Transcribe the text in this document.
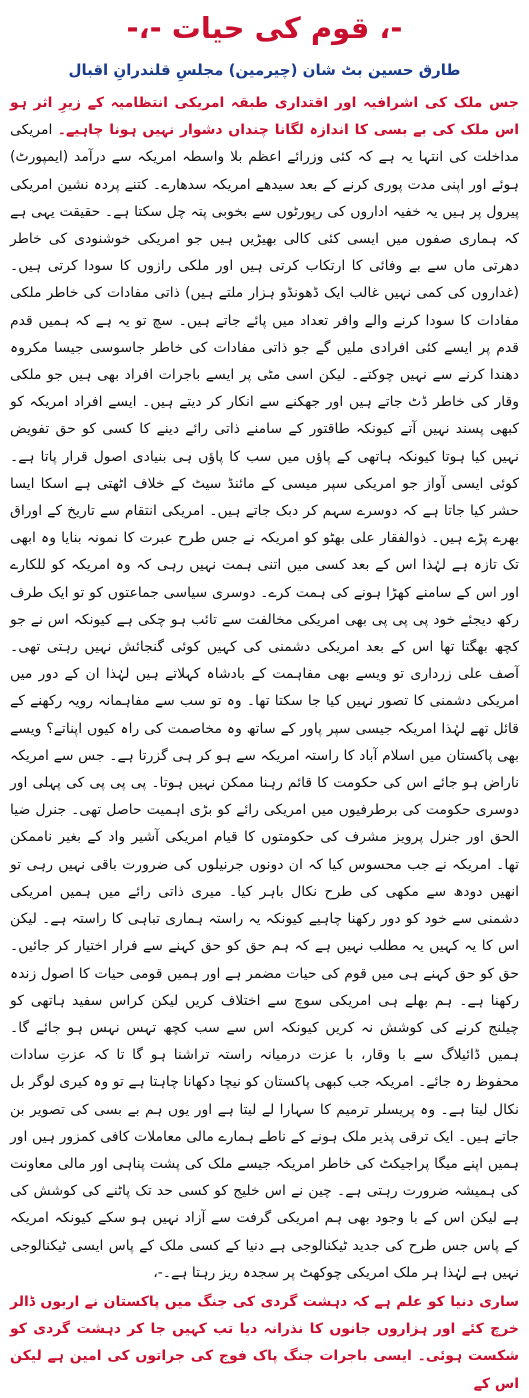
-، قوم کی حیات -،-
طارق حسین بٹ شان (چیرمین) مجلسِ قلندرانِ اقبال

جس ملک کی اشرافیہ اور اقتداری طبقہ امریکی انتظامیہ کے زیرِ اثر ہو اس ملک کی بے بسی کا اندازہ لگانا چنداں دشوار نہیں ہونا چاہیے۔ امریکی مداخلت کی انتہا یہ ہے کہ کئی وزرائے اعظم بلا واسطہ امریکہ سے درآمد (ایمپورٹ) ہوئے اور اپنی مدت پوری کرنے کے بعد سیدھے امریکہ سدھارے۔ کتنے پردہ نشین امریکی پیرول پر ہیں یہ خفیہ اداروں کی رپورٹوں سے بخوبی پتہ چل سکتا ہے۔ حقیقت یہی ہے کہ ہماری صفوں میں ایسی کئی کالی بھیڑیں ہیں جو امریکی خوشنودی کی خاطر دھرتی ماں سے بے وفائی کا ارتکاب کرتی ہیں اور ملکی رازوں کا سودا کرتی ہیں۔ (غداروں کی کمی نہیں غالب ایک ڈھونڈو ہزار ملتے ہیں) ذاتی مفادات کی خاطر ملکی مفادات کا سودا کرنے والے وافر تعداد میں پائے جاتے ہیں۔ سچ تو یہ ہے کہ ہمیں قدم قدم پر ایسے کئی افرادی ملیں گے جو ذاتی مفادات کی خاطر جاسوسی جیسا مکروہ دھندا کرنے سے نہیں چوکتے۔ لیکن اسی مٹی پر ایسے باجرات افراد بھی ہیں جو ملکی وقار کی خاطر ڈٹ جاتے ہیں اور جھکنے سے انکار کر دیتے ہیں۔ ایسے افراد امریکہ کو کبھی پسند نہیں آتے کیونکہ طاقتور کے سامنے ذاتی رائے دینے کا کسی کو حق تفویض نہیں کیا ہوتا کیونکہ ہاتھی کے پاؤں میں سب کا پاؤں ہی بنیادی اصول قرار پاتا ہے۔ کوئی ایسی آواز جو امریکی سپر میسی کے مائنڈ سیٹ کے خلاف اٹھتی ہے اسکا ایسا حشر کیا جاتا ہے کہ دوسرے سہم کر دبک جاتے ہیں۔ امریکی انتقام سے تاریخ کے اوراق بھرے پڑے ہیں۔ ذوالفقار علی بھٹو کو امریکہ نے جس طرح عبرت کا نمونہ بنایا وہ ابھی تک تازہ ہے لہٰذا اس کے بعد کسی میں اتنی ہمت نہیں رہی کہ وہ امریکہ کو للکارے اور اس کے سامنے کھڑا ہونے کی ہمت کرے۔ دوسری سیاسی جماعتوں کو تو ایک طرف رکھ دیجئے خود پی پی پی بھی امریکی مخالفت سے تائب ہو چکی ہے کیونکہ اس نے جو کچھ بھگتا تھا اس کے بعد امریکی دشمنی کی کہیں کوئی گنجائش نہیں رہتی تھی۔ آصف علی زرداری تو ویسے بھی مفاہمت کے بادشاہ کہلاتے ہیں لہٰذا ان کے دور میں امریکی دشمنی کا تصور نہیں کیا جا سکتا تھا۔ وہ تو سب سے مفاہمانہ رویہ رکھنے کے قائل تھے لہٰذا امریکہ جیسی سپر پاور کے ساتھ وہ مخاصمت کی راہ کیوں اپناتے؟ ویسے بھی پاکستان میں اسلام آباد کا راستہ امریکہ سے ہو کر ہی گزرتا ہے۔ جس سے امریکہ ناراض ہو جائے اس کی حکومت کا قائم رہنا ممکن نہیں ہوتا۔ پی پی پی کی پہلی اور دوسری حکومت کی برطرفیوں میں امریکی رائے کو بڑی اہمیت حاصل تھی۔ جنرل ضیا الحق اور جنرل پرویز مشرف کی حکومتوں کا قیام امریکی آشیر واد کے بغیر ناممکن تھا۔ امریکہ نے جب محسوس کیا کہ ان دونوں جرنیلوں کی ضرورت باقی نہیں رہی تو انھیں دودھ سے مکھی کی طرح نکال باہر کیا۔ میری ذاتی رائے میں ہمیں امریکی دشمنی سے خود کو دور رکھنا چاہیے کیونکہ یہ راستہ ہماری تباہی کا راستہ ہے۔ لیکن اس کا یہ کہیں یہ مطلب نہیں ہے کہ ہم حق کو حق کہنے سے فرار اختیار کر جائیں۔ حق کو حق کہنے ہی میں قوم کی حیات مضمر ہے اور ہمیں قومی حیات کا اصول زندہ رکھنا ہے۔ ہم بھلے ہی امریکی سوچ سے اختلاف کریں لیکن کراس سفید ہاتھی کو چیلنج کرنے کی کوشش نہ کریں کیونکہ اس سے سب کچھ تہس نہس ہو جائے گا۔ ہمیں ڈائیلاگ سے با وقار، با عزت درمیانہ راستہ تراشنا ہو گا تا کہ عزتِ سادات محفوظ رہ جائے۔ امریکہ جب کبھی پاکستان کو نیچا دکھانا چاہتا ہے تو وہ کیری لوگر بل نکال لیتا ہے۔ وہ پریسلر ترمیم کا سہارا لے لیتا ہے اور یوں ہم بے بسی کی تصویر بن جاتے ہیں۔ ایک ترقی پذیر ملک ہونے کے ناطے ہمارے مالی معاملات کافی کمزور ہیں اور ہمیں اپنے میگا پراجیکٹ کی خاطر امریکہ جیسے ملک کی پشت پناہی اور مالی معاونت کی ہمیشہ ضرورت رہتی ہے۔ چین نے اس خلیج کو کسی حد تک پاٹنے کی کوشش کی ہے لیکن اس کے با وجود بھی ہم امریکی گرفت سے آزاد نہیں ہو سکے کیونکہ امریکہ کے پاس جس طرح کی جدید ٹیکنالوجی ہے دنیا کے کسی ملک کے پاس ایسی ٹیکنالوجی نہیں ہے لہٰذا ہر ملک امریکی چوکھٹ پر سجدہ ریز رہتا ہے۔-،

ساری دنیا کو علم ہے کہ دہشت گردی کی جنگ میں پاکستان نے اربوں ڈالر خرچ کئے اور ہزاروں جانوں کا نذرانہ دیا تب کہیں جا کر دہشت گردی کو شکست ہوئی۔ ایسی باجرات جنگ پاک فوج کی جراتوں کی امین ہے لیکن اس کے
